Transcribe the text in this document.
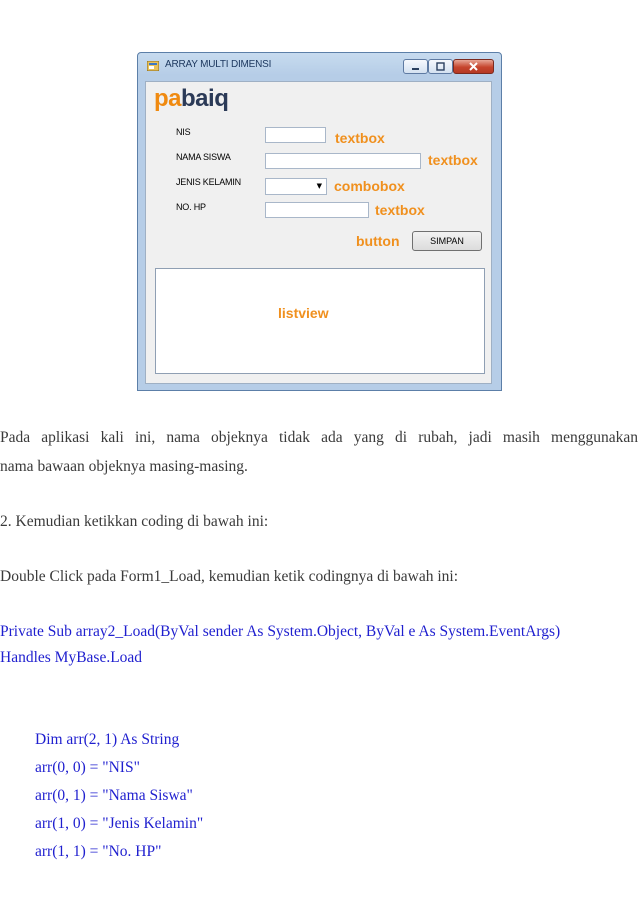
ARRAY MULTI DIMENSI
pabaiq
NIS	textbox
NAMA SISWA	textbox
JENIS KELAMIN	▼ combobox
NO. HP	textbox
button	SIMPAN
listview

Pada aplikasi kali ini, nama objeknya tidak ada yang di rubah, jadi masih menggunakan

nama bawaan objeknya masing-masing.

2. Kemudian ketikkan coding di bawah ini:

Double Click pada Form1_Load, kemudian ketik codingnya di bawah ini:

Private Sub array2_Load(ByVal sender As System.Object, ByVal e As System.EventArgs)

Handles MyBase.Load

Dim arr(2, 1) As String

arr(0, 0) = "NIS"

arr(0, 1) = "Nama Siswa"

arr(1, 0) = "Jenis Kelamin"

arr(1, 1) = "No. HP"
